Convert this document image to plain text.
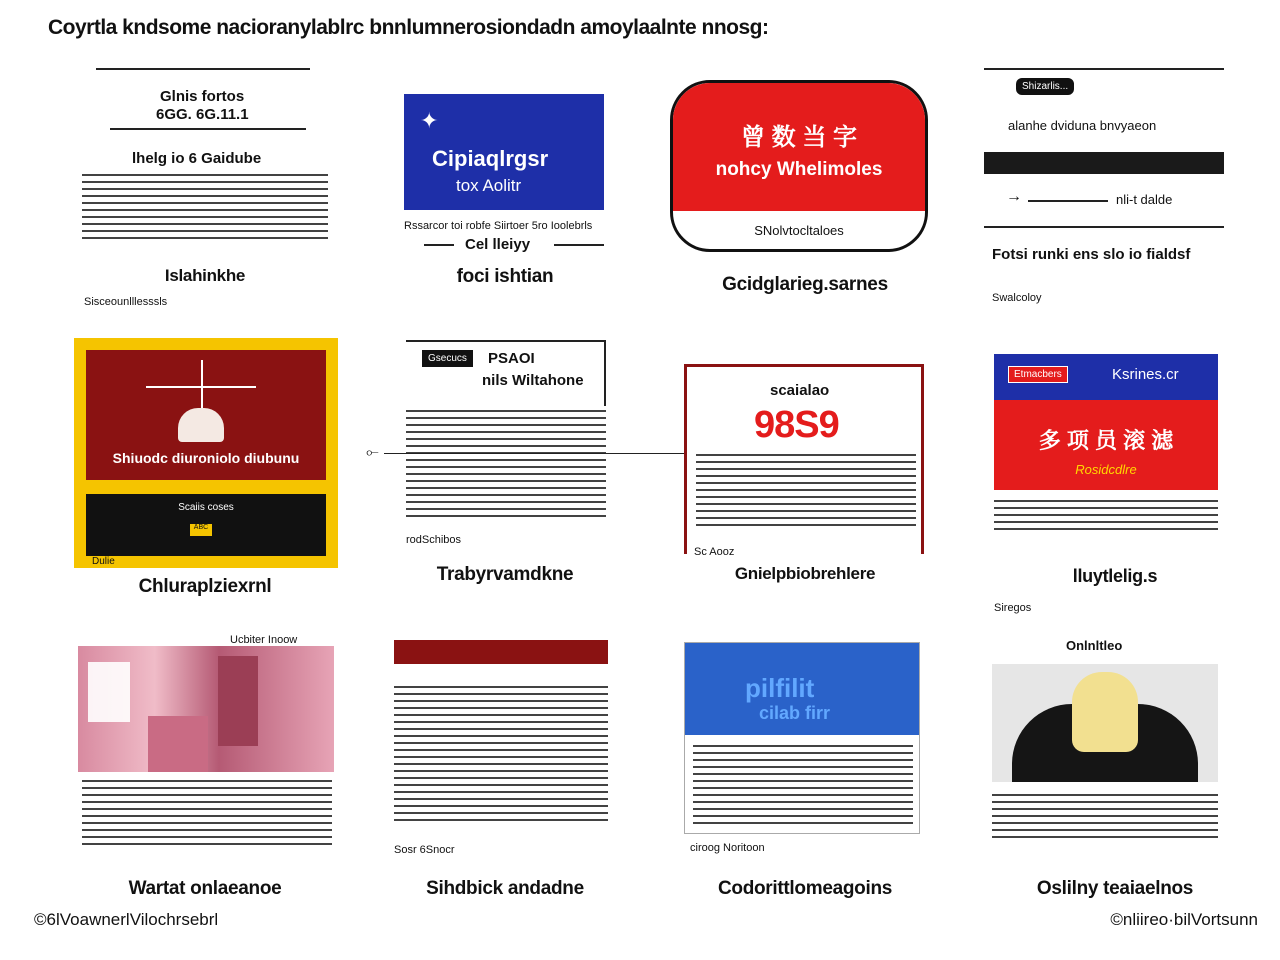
Coyrtla kndsome nacioranylablrc bnnlumnerosiondadn amoylaalnte nnosg:
Glnis fortos
6GG. 6G.11.1
lhelg io 6 Gaidube
Islahinkhe
Sisceounlllesssls
✦
Cipiaqlrgsr
tox Aolitr
Rssarcor toi robfe Siirtoer 5ro Ioolebrls
Cel lleiyy
foci ishtian
曾 数 当 字
nohcy Whelimoles
SNolvtocltaloes
Gcidglarieg.sarnes
Shizarlis...
alanhe dviduna bnvyaeon
→	nli-t dalde
Fotsi runki ens slo io fialdsf
Swalcoloy
Shiuodc diuroniolo diubunu
Scaiis coses
ABC
Dulie
Chluraplziexrnl
Gsecucs	PSAOI
nils Wiltahone
⟜
rodSchibos
Trabyrvamdkne
scaialao
98S9
Sc Aooz
Gnielpbiobrehlere
Etmacbers	Ksrines.cr
多 项 员 滚 滤
Rosidcdlre
lluytlelig.s
Siregos
Ucbiter Inoow
Wartat onlaeanoe
Sosr 6Snocr
Sihdbick andadne
pilfilit
cilab firr
ciroog Noritoon
Codorittlomeagoins
Onlnltleo
Oslilny teaiaelnos
©6lVoawnerlVilochrsebrl	©nliireo·bilVortsunn
